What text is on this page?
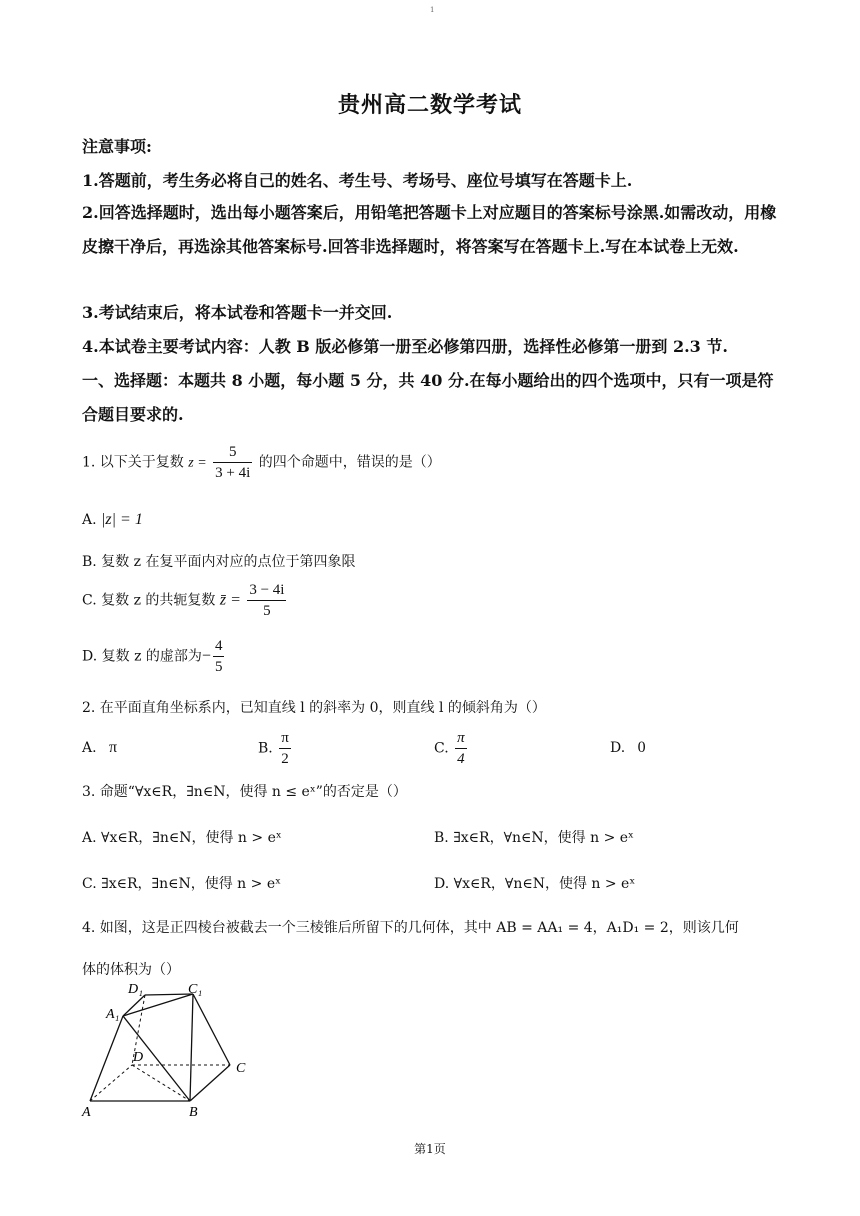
1
贵州高二数学考试
注意事项:
1.答题前，考生务必将自己的姓名、考生号、考场号、座位号填写在答题卡上.
2.回答选择题时，选出每小题答案后，用铅笔把答题卡上对应题目的答案标号涂黑.如需改动，用橡皮擦干净后，再选涂其他答案标号.回答非选择题时，将答案写在答题卡上.写在本试卷上无效.
3.考试结束后，将本试卷和答题卡一并交回.
4.本试卷主要考试内容：人教 B 版必修第一册至必修第四册，选择性必修第一册到 2.3 节.
一、选择题：本题共 8 小题，每小题 5 分，共 40 分.在每小题给出的四个选项中，只有一项是符合题目要求的.
1. 以下关于复数 $z = \frac{5}{3 + 4i}$ 的四个命题中，错误的是（）
A. |z| = 1
B. 复数 z 在复平面内对应的点位于第四象限
C. 复数 z 的共轭复数 z̄ = $\frac{3 - 4i}{5}$
D. 复数 z 的虚部为− $\frac{4}{5}$
2. 在平面直角坐标系内，已知直线 l 的斜率为 0，则直线 l 的倾斜角为（）
A. π	B. $\frac{\pi}{2}$	C. $\frac{\pi}{4}$	D. 0
3. 命题“∀x∈R，∃n∈N，使得 n ≤ eˣ”的否定是（）
A. ∀x∈R，∃n∈N，使得 n > eˣ	B. ∃x∈R，∀n∈N，使得 n > eˣ
C. ∃x∈R，∃n∈N，使得 n > eˣ	D. ∀x∈R，∀n∈N，使得 n > eˣ
4. 如图，这是正四棱台被截去一个三棱锥后所留下的几何体，其中 AB = AA₁ = 4，A₁D₁ = 2，则该几何
体的体积为（）
D₁	C₁
A₁
D
C
A	B
第1页
